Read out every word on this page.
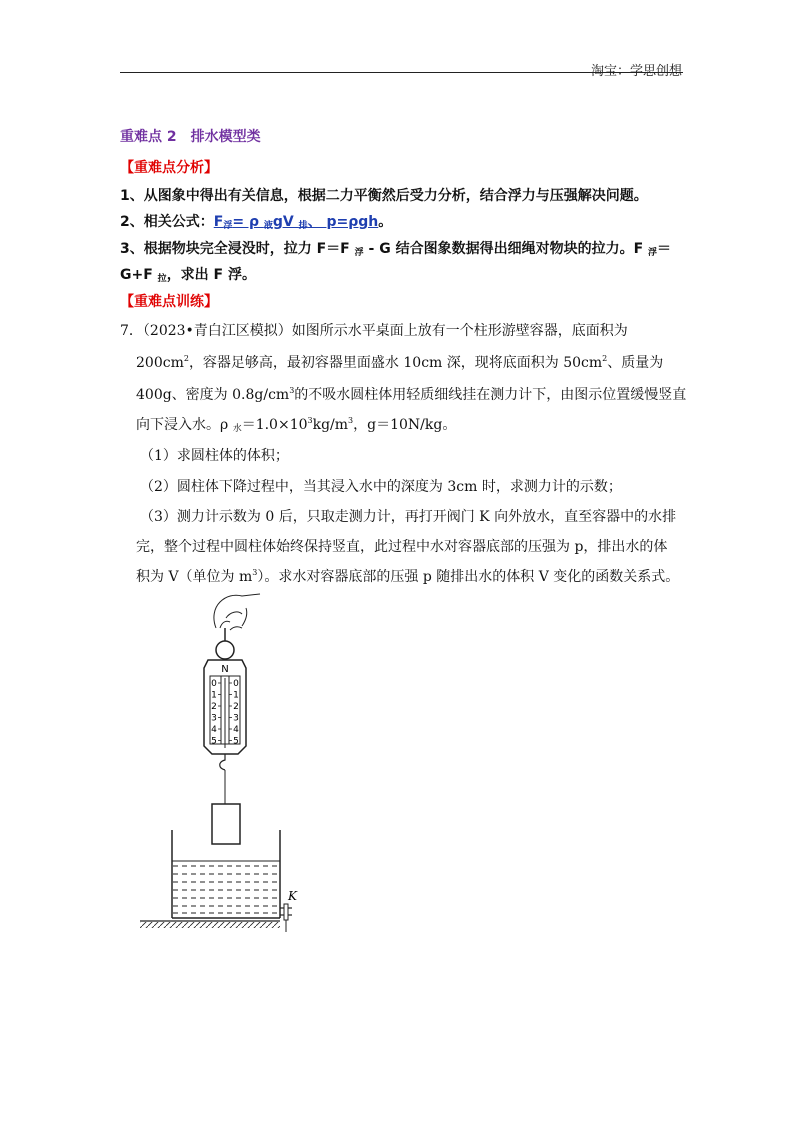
淘宝：学思创想
重难点 2 排水模型类
【重难点分析】
1、从图象中得出有关信息，根据二力平衡然后受力分析，结合浮力与压强解决问题。
2、相关公式：$F_浮= \rho$ $_液$gV $_排$、 p=ρgh。
3、根据物块完全浸没时，拉力 F＝F $_浮$ - G 结合图象数据得出细绳对物块的拉力。F $_浮$＝
G+F $_拉$，求出 F 浮。
【重难点训练】
7．（2023•青白江区模拟）如图所示水平桌面上放有一个柱形游壁容器，底面积为
$200cm^2$，容器足够高，最初容器里面盛水 10cm 深，现将底面积为 $50cm^2$、质量为
400g、密度为 $0.8g/cm^3$的不吸水圆柱体用轻质细线挂在测力计下，由图示位置缓慢竖直
向下浸入水。ρ $_水=1.0\times 10^3kg/m^3$，g＝10N/kg。
（1）求圆柱体的体积；
（2）圆柱体下降过程中，当其浸入水中的深度为 3cm 时，求测力计的示数；
（3）测力计示数为 0 后，只取走测力计，再打开阀门 K 向外放水，直至容器中的水排
完，整个过程中圆柱体始终保持竖直，此过程中水对容器底部的压强为 p，排出水的体
积为 V（单位为 $m^3$）。求水对容器底部的压强 p 随排出水的体积 V 变化的函数关系式。
N
0
1
2
3
4
5
0
1
2
3
4
5
K
